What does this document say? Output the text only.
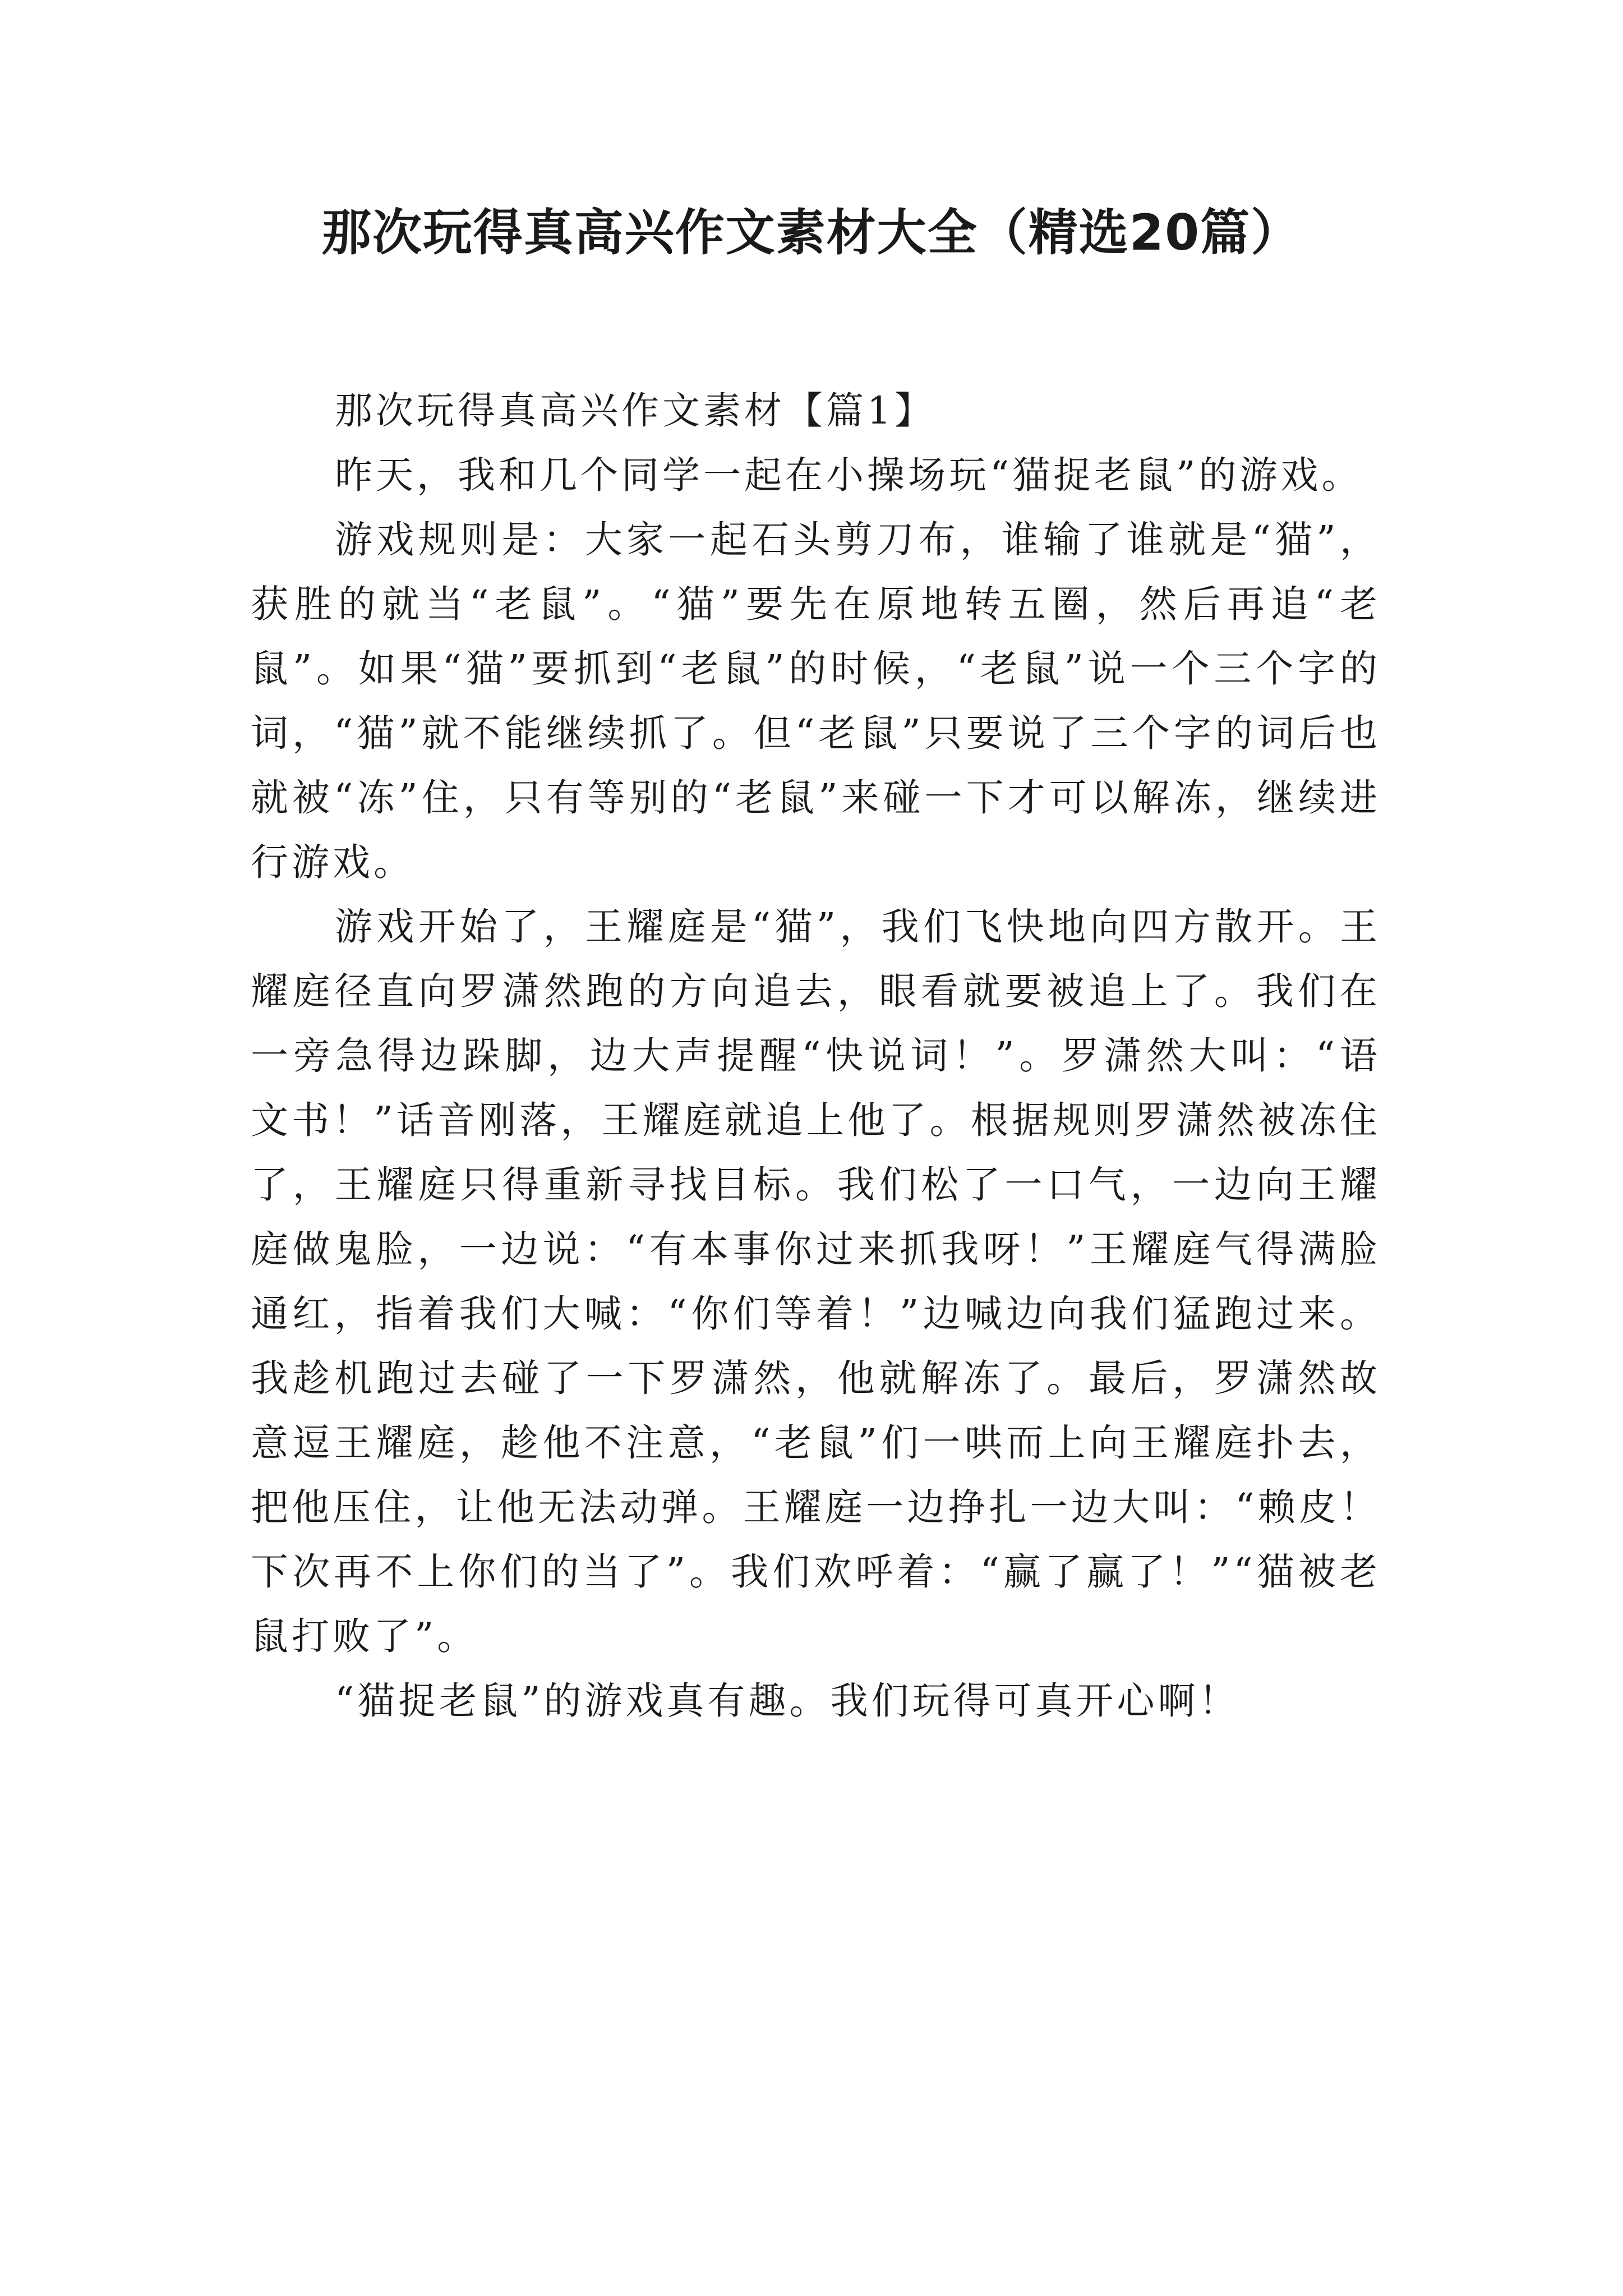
那次玩得真高兴作文素材大全（精选20篇）

那次玩得真高兴作文素材【篇1】

昨天，我和几个同学一起在小操场玩“猫捉老鼠”的游戏。

游戏规则是：大家一起石头剪刀布，谁输了谁就是“猫”，获胜的就当“老鼠”。“猫”要先在原地转五圈，然后再追“老鼠”。如果“猫”要抓到“老鼠”的时候，“老鼠”说一个三个字的词，“猫”就不能继续抓了。但“老鼠”只要说了三个字的词后也就被“冻”住，只有等别的“老鼠”来碰一下才可以解冻，继续进行游戏。

游戏开始了，王耀庭是“猫”，我们飞快地向四方散开。王耀庭径直向罗潇然跑的方向追去，眼看就要被追上了。我们在一旁急得边跺脚，边大声提醒“快说词！”。罗潇然大叫：“语文书！”话音刚落，王耀庭就追上他了。根据规则罗潇然被冻住了，王耀庭只得重新寻找目标。我们松了一口气，一边向王耀庭做鬼脸，一边说：“有本事你过来抓我呀！”王耀庭气得满脸通红，指着我们大喊：“你们等着！”边喊边向我们猛跑过来。我趁机跑过去碰了一下罗潇然，他就解冻了。最后，罗潇然故意逗王耀庭，趁他不注意，“老鼠”们一哄而上向王耀庭扑去，把他压住，让他无法动弹。王耀庭一边挣扎一边大叫：“赖皮！下次再不上你们的当了”。我们欢呼着：“赢了赢了！”“猫被老鼠打败了”。

“猫捉老鼠”的游戏真有趣。我们玩得可真开心啊！
